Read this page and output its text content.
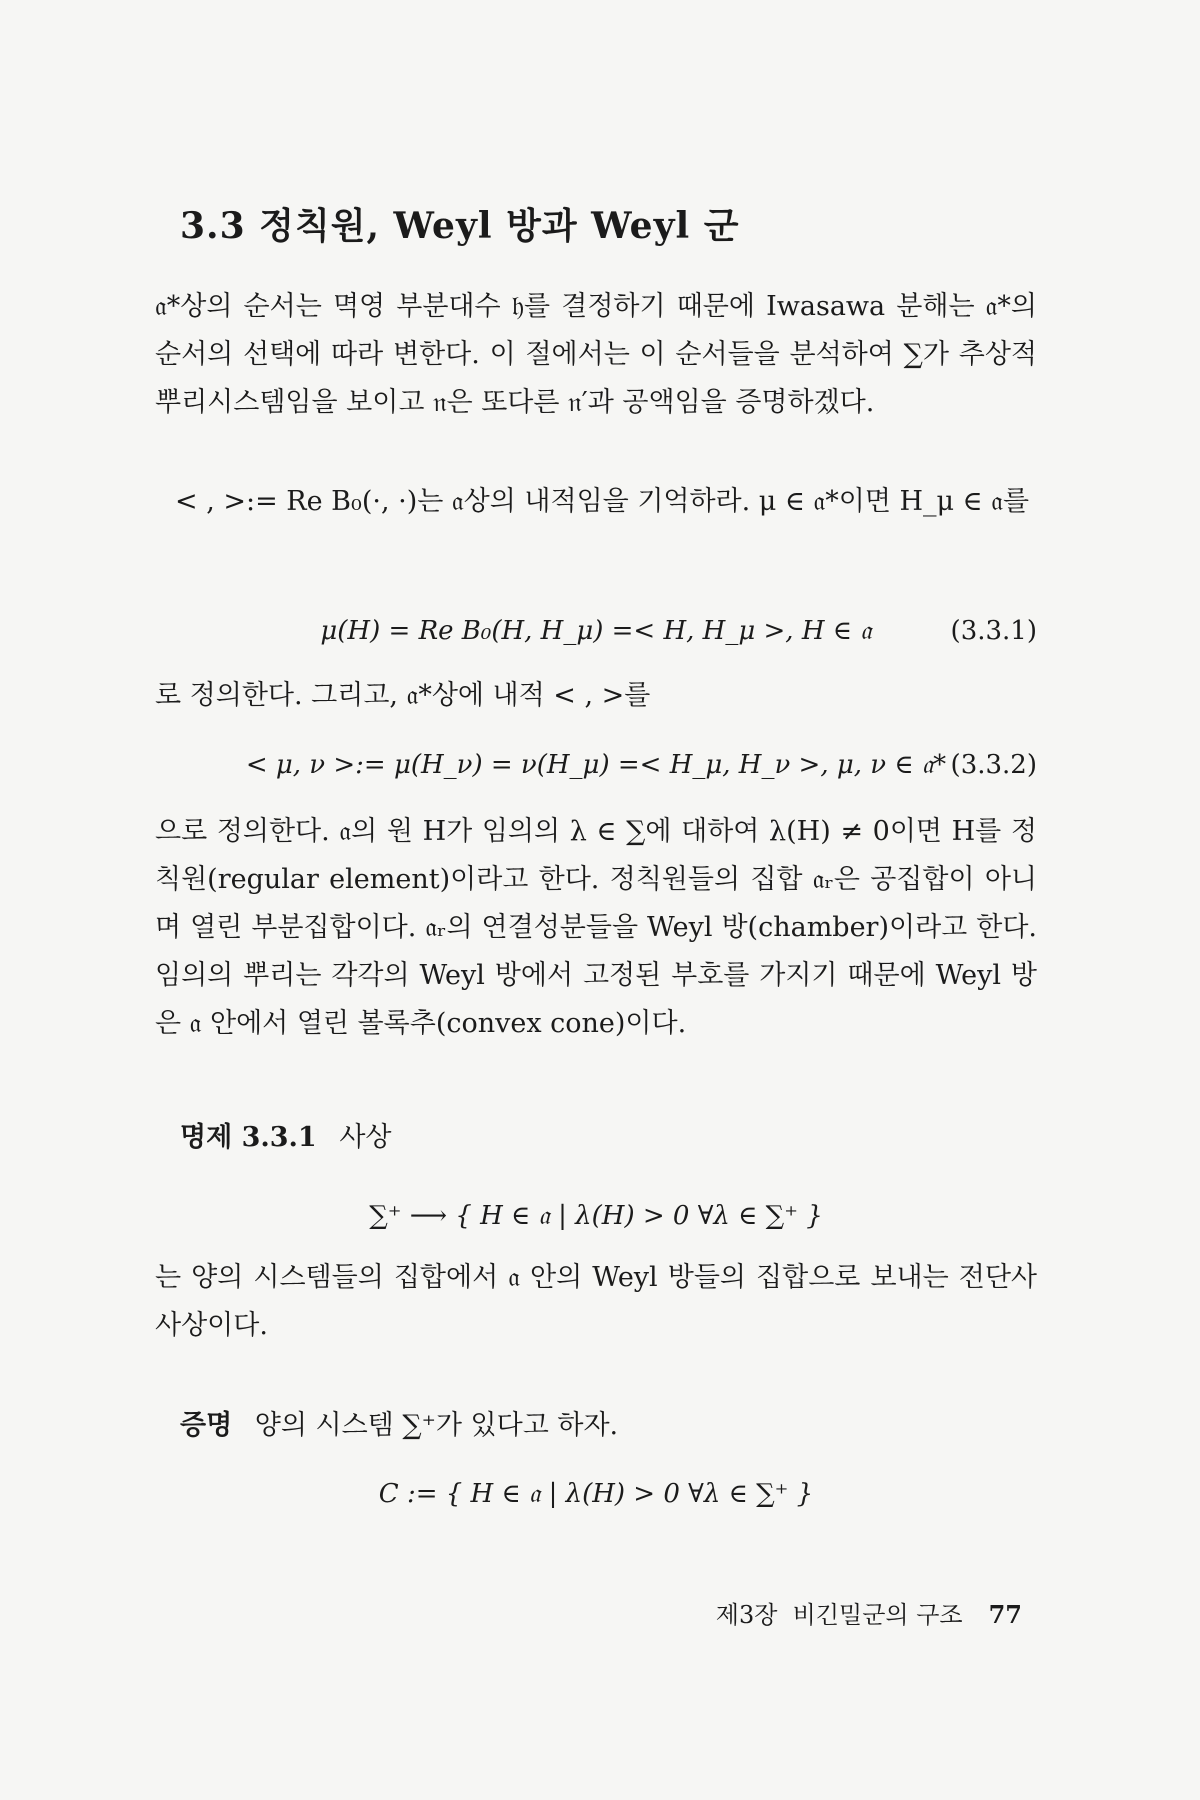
3.3 정칙원, Weyl 방과 Weyl 군

𝔞*상의 순서는 멱영 부분대수 𝔥를 결정하기 때문에 Iwasawa 분해는 𝔞*의 순서의 선택에 따라 변한다. 이 절에서는 이 순서들을 분석하여 ∑가 추상적 뿌리시스템임을 보이고 𝔫은 또다른 𝔫′과 공액임을 증명하겠다.

< , >:= Re B₀(·, ·)는 𝔞상의 내적임을 기억하라. μ ∈ 𝔞*이면 H_μ ∈ 𝔞를

μ(H) = Re B₀(H, H_μ) =< H, H_μ >, H ∈ 𝔞	(3.3.1)

로 정의한다. 그리고, 𝔞*상에 내적 < , >를

< μ, ν >:= μ(H_ν) = ν(H_μ) =< H_μ, H_ν >, μ, ν ∈ 𝔞* (3.3.2)

으로 정의한다. 𝔞의 원 H가 임의의 λ ∈ ∑에 대하여 λ(H) ≠ 0이면 H를 정칙원(regular element)이라고 한다. 정칙원들의 집합 𝔞ᵣ은 공집합이 아니며 열린 부분집합이다. 𝔞ᵣ의 연결성분들을 Weyl 방(chamber)이라고 한다. 임의의 뿌리는 각각의 Weyl 방에서 고정된 부호를 가지기 때문에 Weyl 방은 𝔞 안에서 열린 볼록추(convex cone)이다.

명제 3.3.1 사상

∑⁺ ⟶ { H ∈ 𝔞 | λ(H) > 0 ∀λ ∈ ∑⁺ }

는 양의 시스템들의 집합에서 𝔞 안의 Weyl 방들의 집합으로 보내는 전단사사상이다.

증명 양의 시스템 ∑⁺가 있다고 하자.

C := { H ∈ 𝔞 | λ(H) > 0 ∀λ ∈ ∑⁺ }

제3장  비긴밀군의 구조 77
